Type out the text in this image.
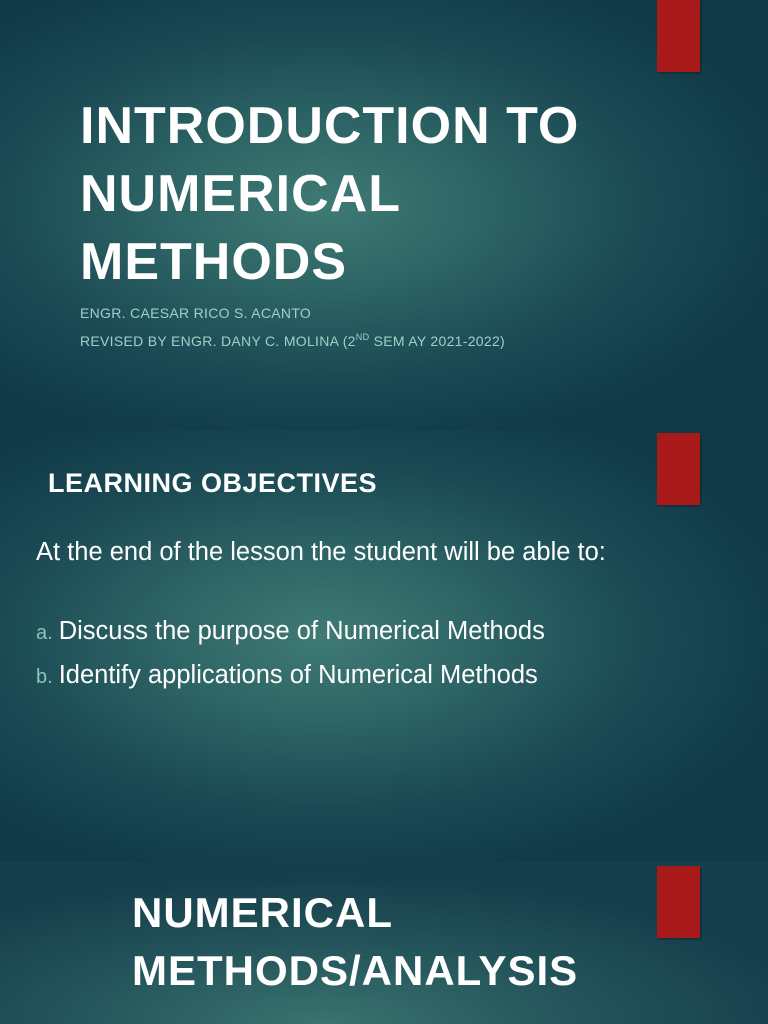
INTRODUCTION TO NUMERICAL METHODS
ENGR. CAESAR RICO S. ACANTO
REVISED BY ENGR. DANY C. MOLINA (2ND SEM AY 2021-2022)
LEARNING OBJECTIVES
At the end of the lesson the student will be able to:
a. Discuss the purpose of Numerical Methods
b. Identify applications of Numerical Methods
NUMERICAL
METHODS/ANALYSIS
